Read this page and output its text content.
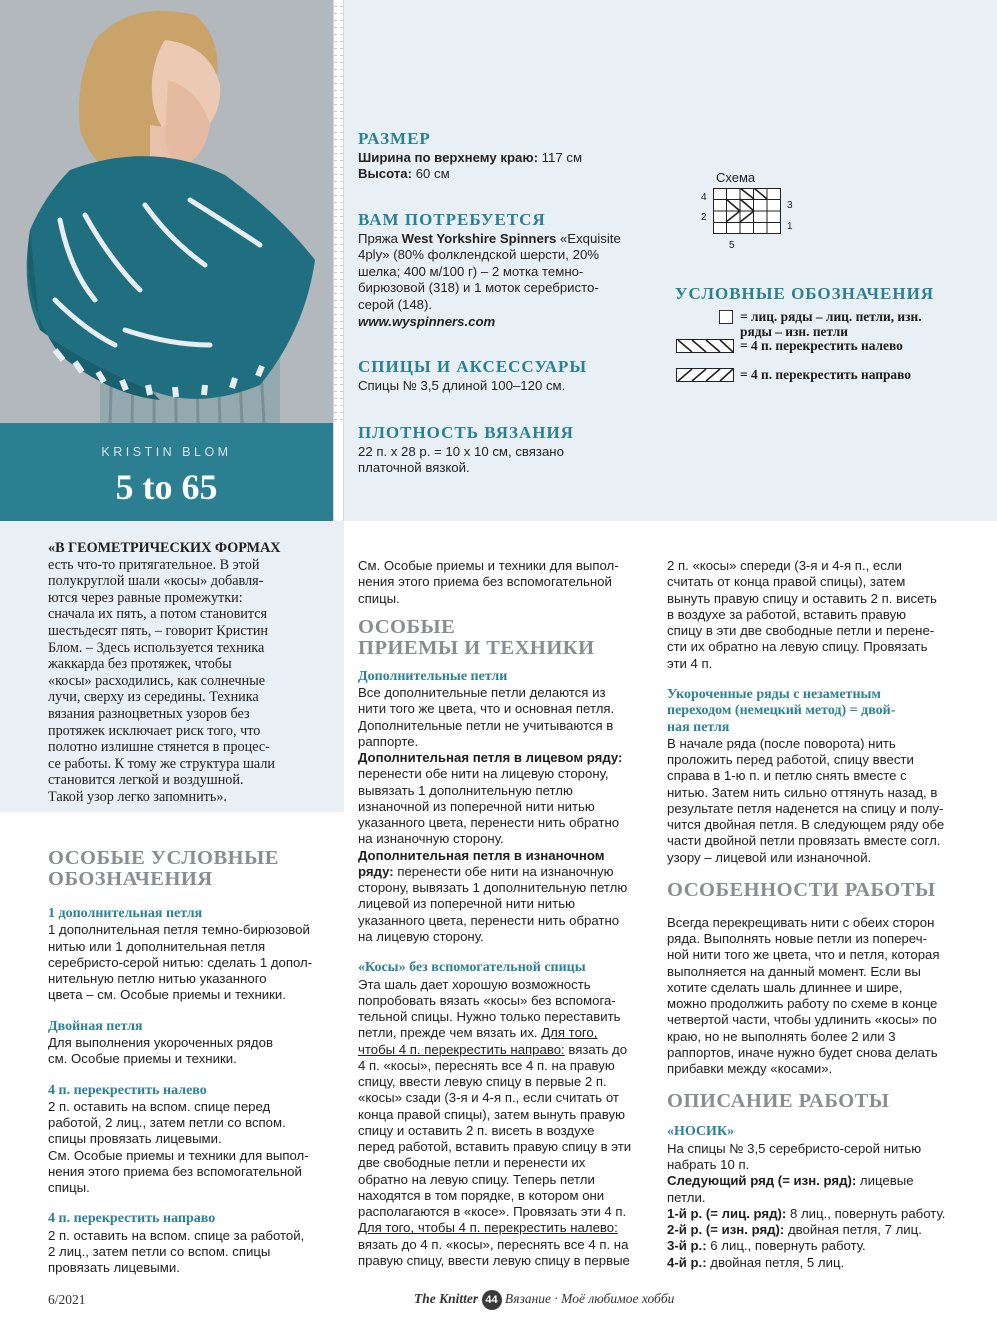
KRISTIN BLOM
5 to 65
РАЗМЕР
Ширина по верхнему краю: 117 см
Высота: 60 см
ВАМ ПОТРЕБУЕТСЯ
Пряжа West Yorkshire Spinners «Exquisite
4ply» (80% фолклендской шерсти, 20%
шелка; 400 м/100 г) – 2 мотка темно-
бирюзовой (318) и 1 моток серебристо-
серой (148).
www.wyspinners.com
СПИЦЫ И АКСЕССУАРЫ
Спицы № 3,5 длиной 100–120 см.
ПЛОТНОСТЬ ВЯЗАНИЯ
22 п. x 28 р. = 10 x 10 см, связано
платочной вязкой.
Схема
4
2
3
1
5
УСЛОВНЫЕ ОБОЗНАЧЕНИЯ
= лиц. ряды – лиц. петли, изн.
ряды – изн. петли
= 4 п. перекрестить налево
= 4 п. перекрестить направо
«В ГЕОМЕТРИЧЕСКИХ ФОРМАХ
есть что-то притягательное. В этой
полукруглой шали «косы» добавля-
ются через равные промежутки:
сначала их пять, а потом становится
шестьдесят пять, – говорит Кристин
Блом. – Здесь используется техника
жаккарда без протяжек, чтобы
«косы» расходились, как солнечные
лучи, сверху из середины. Техника
вязания разноцветных узоров без
протяжек исключает риск того, что
полотно излишне стянется в процес-
се работы. К тому же структура шали
становится легкой и воздушной.
Такой узор легко запомнить».
ОСОБЫЕ УСЛОВНЫЕ
ОБОЗНАЧЕНИЯ
1 дополнительная петля

1 дополнительная петля темно-бирюзовой

нитью или 1 дополнительная петля

серебристо-серой нитью: сделать 1 допол-

нительную петлю нитью указанного

цвета – см. Особые приемы и техники.

Двойная петля

Для выполнения укороченных рядов

см. Особые приемы и техники.

4 п. перекрестить налево

2 п. оставить на вспом. спице перед

работой, 2 лиц., затем петли со вспом.

спицы провязать лицевыми.

См. Особые приемы и техники для выпол-

нения этого приема без вспомогательной

спицы.

4 п. перекрестить направо

2 п. оставить на вспом. спице за работой,

2 лиц., затем петли со вспом. спицы

провязать лицевыми.

См. Особые приемы и техники для выпол-

нения этого приема без вспомогательной

спицы.

ОСОБЫЕ
ПРИЕМЫ И ТЕХНИКИ
Дополнительные петли

Все дополнительные петли делаются из

нити того же цвета, что и основная петля.

Дополнительные петли не учитываются в

раппорте.

Дополнительная петля в лицевом ряду:

перенести обе нити на лицевую сторону,

вывязать 1 дополнительную петлю

изнаночной из поперечной нити нитью

указанного цвета, перенести нить обратно

на изнаночную сторону.

Дополнительная петля в изнаночном

ряду: перенести обе нити на изнаночную

сторону, вывязать 1 дополнительную петлю

лицевой из поперечной нити нитью

указанного цвета, перенести нить обратно

на лицевую сторону.

«Косы» без вспомогательной спицы

Эта шаль дает хорошую возможность

попробовать вязать «косы» без вспомога-

тельной спицы. Нужно только переставить

петли, прежде чем вязать их. Для того,

чтобы 4 п. перекрестить направо: вязать до

4 п. «косы», переснять все 4 п. на правую

спицу, ввести левую спицу в первые 2 п.

«косы» сзади (3-я и 4-я п., если считать от

конца правой спицы), затем вынуть правую

спицу и оставить 2 п. висеть в воздухе

перед работой, вставить правую спицу в эти

две свободные петли и перенести их

обратно на левую спицу. Теперь петли

находятся в том порядке, в котором они

располагаются в «косе». Провязать эти 4 п.

Для того, чтобы 4 п. перекрестить налево:

вязать до 4 п. «косы», переснять все 4 п. на

правую спицу, ввести левую спицу в первые

2 п. «косы» спереди (3-я и 4-я п., если

считать от конца правой спицы), затем

вынуть правую спицу и оставить 2 п. висеть

в воздухе за работой, вставить правую

спицу в эти две свободные петли и перене-

сти их обратно на левую спицу. Провязать

эти 4 п.

Укороченные ряды с незаметным
переходом (немецкий метод) = двой-
ная петля

В начале ряда (после поворота) нить

проложить перед работой, спицу ввести

справа в 1-ю п. и петлю снять вместе с

нитью. Затем нить сильно оттянуть назад, в

результате петля наденется на спицу и полу-

чится двойная петля. В следующем ряду обе

части двойной петли провязать вместе согл.

узору – лицевой или изнаночной.

ОСОБЕННОСТИ РАБОТЫ

Всегда перекрещивать нити с обеих сторон

ряда. Выполнять новые петли из попереч-

ной нити того же цвета, что и петля, которая

выполняется на данный момент. Если вы

хотите сделать шаль длиннее и шире,

можно продолжить работу по схеме в конце

четвертой части, чтобы удлинить «косы» по

краю, но не выполнять более 2 или 3

раппортов, иначе нужно будет снова делать

прибавки между «косами».

ОПИСАНИЕ РАБОТЫ
«НОСИК»

На спицы № 3,5 серебристо-серой нитью

набрать 10 п.

Следующий ряд (= изн. ряд): лицевые

петли.

1-й р. (= лиц. ряд): 8 лиц., повернуть работу.

2-й р. (= изн. ряд): двойная петля, 7 лиц.

3-й р.: 6 лиц., повернуть работу.

4-й р.: двойная петля, 5 лиц.

6/2021	The Knitter 44 Вязание · Моё любимое хобби
